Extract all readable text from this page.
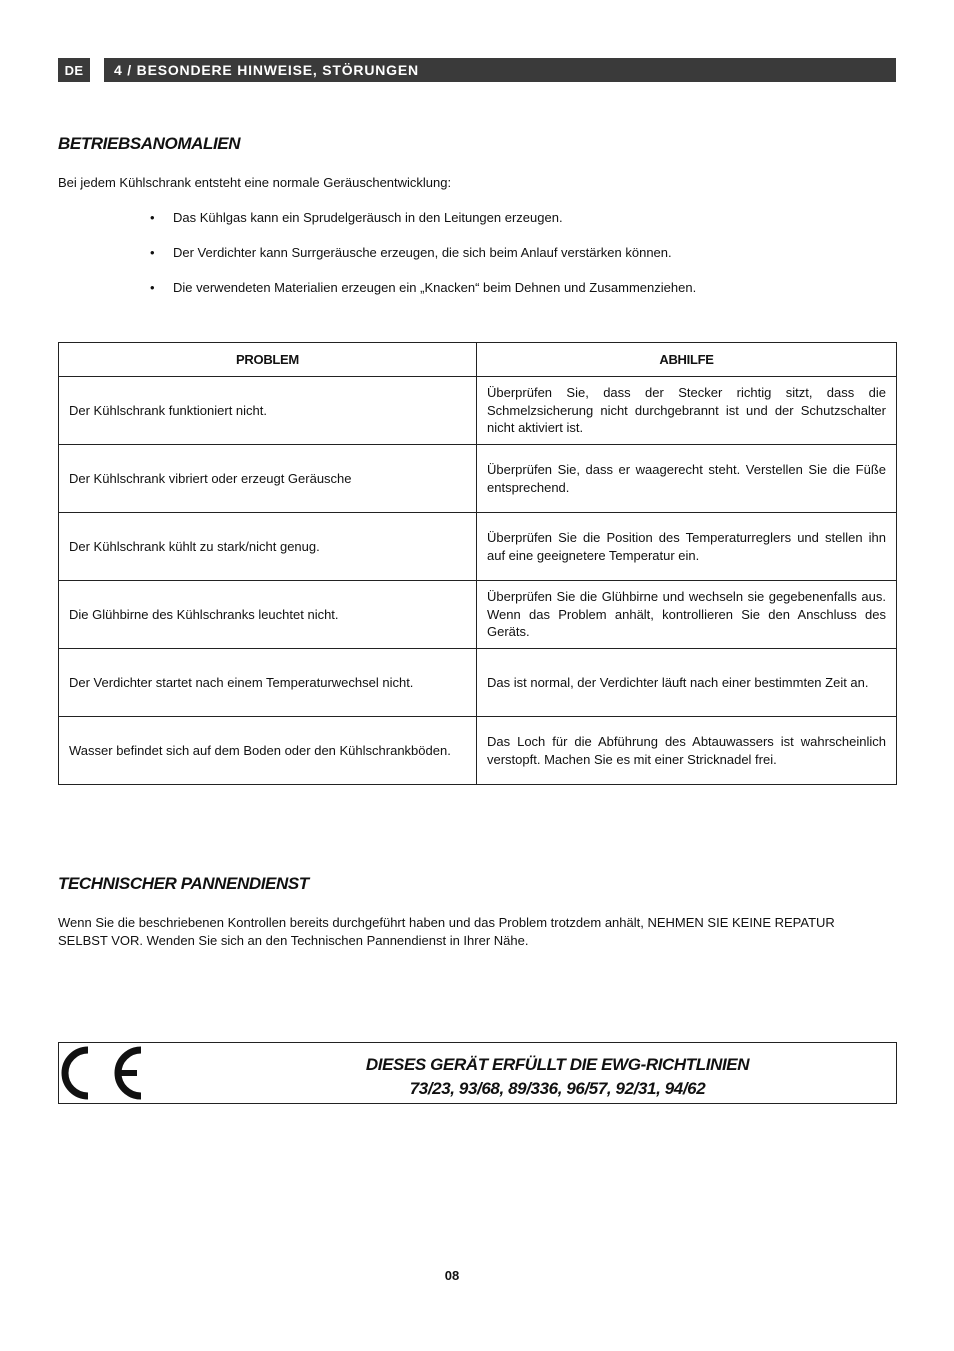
DE	4 / BESONDERE HINWEISE, STÖRUNGEN
BETRIEBSANOMALIEN

Bei jedem Kühlschrank entsteht eine normale Geräuschentwicklung:

• Das Kühlgas kann ein Sprudelgeräusch in den Leitungen erzeugen.
• Der Verdichter kann Surrgeräusche erzeugen, die sich beim Anlauf verstärken können.
• Die verwendeten Materialien erzeugen ein „Knacken“ beim Dehnen und Zusammenziehen.
PROBLEM	ABHILFE
Der Kühlschrank funktioniert nicht.	Überprüfen Sie, dass der Stecker richtig sitzt, dass die Schmelzsicherung nicht durchgebrannt ist und der Schutzschalter nicht aktiviert ist.
Der Kühlschrank vibriert oder erzeugt Geräusche	Überprüfen Sie, dass er waagerecht steht. Verstellen Sie die Füße entsprechend.
Der Kühlschrank kühlt zu stark/nicht genug.	Überprüfen Sie die Position des Temperaturreglers und stellen ihn auf eine geeignetere Temperatur ein.
Die Glühbirne des Kühlschranks leuchtet nicht.	Überprüfen Sie die Glühbirne und wechseln sie gegebenenfalls aus. Wenn das Problem anhält, kontrollieren Sie den Anschluss des Geräts.
Der Verdichter startet nach einem Temperaturwechsel nicht.	Das ist normal, der Verdichter läuft nach einer bestimmten Zeit an.
Wasser befindet sich auf dem Boden oder den Kühlschrankböden.	Das Loch für die Abführung des Abtauwassers ist wahrscheinlich verstopft. Machen Sie es mit einer Stricknadel frei.
TECHNISCHER PANNENDIENST

Wenn Sie die beschriebenen Kontrollen bereits durchgeführt haben und das Problem trotzdem anhält, NEHMEN SIE KEINE REPATUR SELBST VOR. Wenden Sie sich an den Technischen Pannendienst in Ihrer Nähe.

DIESES GERÄT ERFÜLLT DIE EWG-RICHTLINIEN
73/23, 93/68, 89/336, 96/57, 92/31, 94/62
08
